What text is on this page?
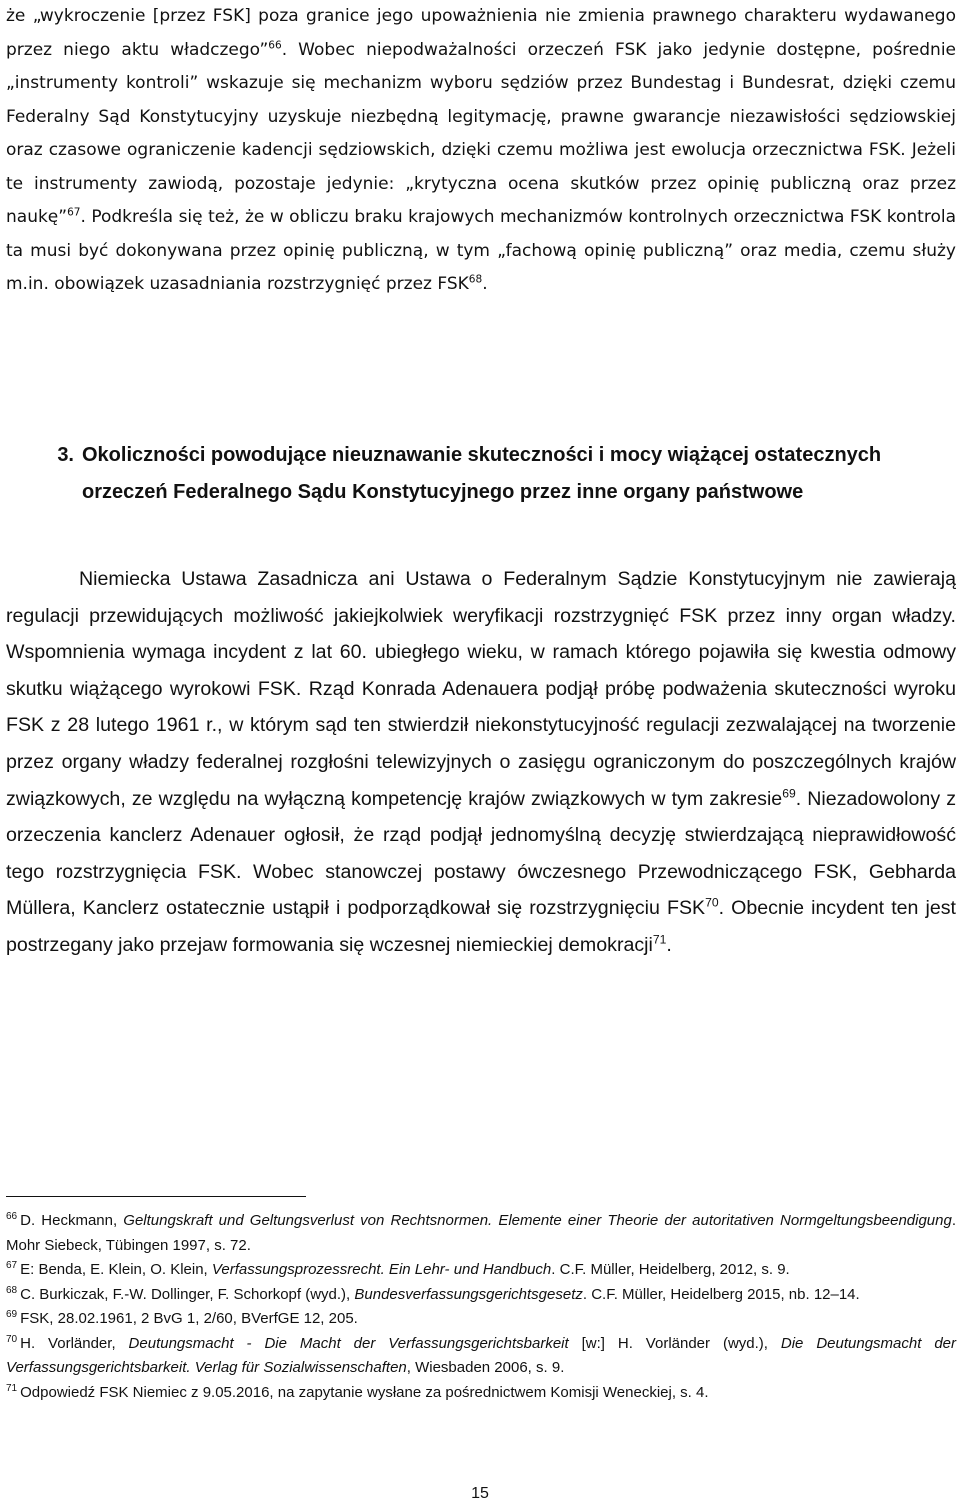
że „wykroczenie [przez FSK] poza granice jego upoważnienia nie zmienia prawnego charakteru wydawanego przez niego aktu władczego”$^{66}$. Wobec niepodważalności orzeczeń FSK jako jedynie dostępne, pośrednie „instrumenty kontroli” wskazuje się mechanizm wyboru sędziów przez Bundestag i Bundesrat, dzięki czemu Federalny Sąd Konstytucyjny uzyskuje niezbędną legitymację, prawne gwarancje niezawisłości sędziowskiej oraz czasowe ograniczenie kadencji sędziowskich, dzięki czemu możliwa jest ewolucja orzecznictwa FSK. Jeżeli te instrumenty zawiodą, pozostaje jedynie: „krytyczna ocena skutków przez opinię publiczną oraz przez naukę”$^{67}$. Podkreśla się też, że w obliczu braku krajowych mechanizmów kontrolnych orzecznictwa FSK kontrola ta musi być dokonywana przez opinię publiczną, w tym „fachową opinię publiczną” oraz media, czemu służy m.in. obowiązek uzasadniania rozstrzygnięć przez FSK$^{68}$.

3. Okoliczności powodujące nieuznawanie skuteczności i mocy wiążącej ostatecznych
orzeczeń Federalnego Sądu Konstytucyjnego przez inne organy państwowe

Niemiecka Ustawa Zasadnicza ani Ustawa o Federalnym Sądzie Konstytucyjnym nie zawierają regulacji przewidujących możliwość jakiejkolwiek weryfikacji rozstrzygnięć FSK przez inny organ władzy. Wspomnienia wymaga incydent z lat 60. ubiegłego wieku, w ramach którego pojawiła się kwestia odmowy skutku wiążącego wyrokowi FSK. Rząd Konrada Adenauera podjął próbę podważenia skuteczności wyroku FSK z 28 lutego 1961 r., w którym sąd ten stwierdził niekonstytucyjność regulacji zezwalającej na tworzenie przez organy władzy federalnej rozgłośni telewizyjnych o zasięgu ograniczonym do poszczególnych krajów związkowych, ze względu na wyłączną kompetencję krajów związkowych w tym zakresie$^{69}$. Niezadowolony z orzeczenia kanclerz Adenauer ogłosił, że rząd podjął jednomyślną decyzję stwierdzającą nieprawidłowość tego rozstrzygnięcia FSK. Wobec stanowczej postawy ówczesnego Przewodniczącego FSK, Gebharda Müllera, Kanclerz ostatecznie ustąpił i podporządkował się rozstrzygnięciu FSK$^{70}$. Obecnie incydent ten jest postrzegany jako przejaw formowania się wczesnej niemieckiej demokracji$^{71}$.

$^{66}$ D. Heckmann, Geltungskraft und Geltungsverlust von Rechtsnormen. Elemente einer Theorie der autoritativen Normgeltungsbeendigung. Mohr Siebeck, Tübingen 1997, s. 72.

$^{67}$ E: Benda, E. Klein, O. Klein, Verfassungsprozessrecht. Ein Lehr- und Handbuch. C.F. Müller, Heidelberg, 2012, s. 9.

$^{68}$ C. Burkiczak, F.-W. Dollinger, F. Schorkopf (wyd.), Bundesverfassungsgerichtsgesetz. C.F. Müller, Heidelberg 2015, nb. 12–14.

$^{69}$ FSK, 28.02.1961, 2 BvG 1, 2/60, BVerfGE 12, 205.

$^{70}$ H. Vorländer, Deutungsmacht - Die Macht der Verfassungsgerichtsbarkeit [w:] H. Vorländer (wyd.), Die Deutungsmacht der Verfassungsgerichtsbarkeit. Verlag für Sozialwissenschaften, Wiesbaden 2006, s. 9.

$^{71}$ Odpowiedź FSK Niemiec z 9.05.2016, na zapytanie wysłane za pośrednictwem Komisji Weneckiej, s. 4.

15
